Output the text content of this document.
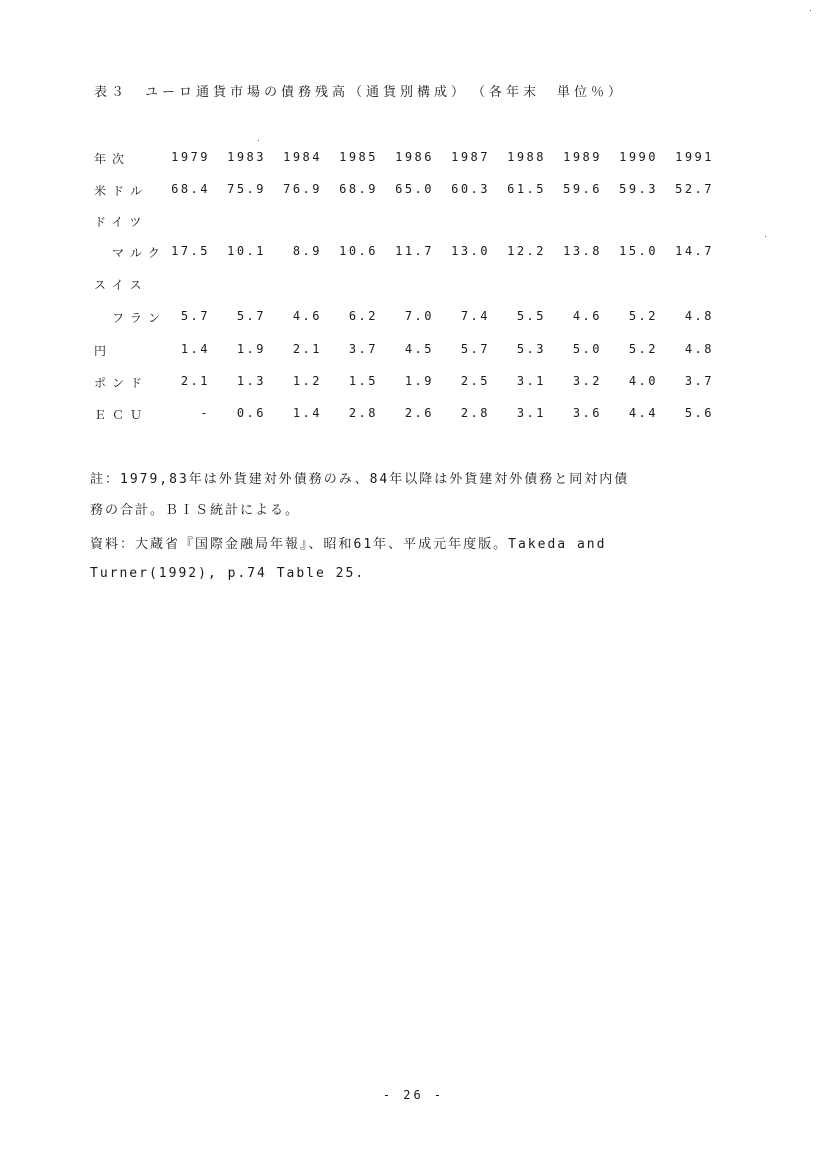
表３　ユーロ通貨市場の債務残高（通貨別構成）　（各年末　単位％）
年次	1979	1983	1984	1985	1986	1987	1988	1989	1990	1991
米ドル	68.4	75.9	76.9	68.9	65.0	60.3	61.5	59.6	59.3	52.7
ドイツ
　マルク 17.5	10.1	8.9	10.6	11.7	13.0	12.2	13.8	15.0	14.7
スイス
　フラン	5.7	5.7	4.6	6.2	7.0	7.4	5.5	4.6	5.2	4.8
円	1.4	1.9	2.1	3.7	4.5	5.7	5.3	5.0	5.2	4.8
ポンド	2.1	1.3	1.2	1.5	1.9	2.5	3.1	3.2	4.0	3.7
ＥＣＵ	-	0.6	1.4	2.8	2.6	2.8	3.1	3.6	4.4	5.6
註：1979,83年は外貨建対外債務のみ、84年以降は外貨建対外債務と同対内債
務の合計。ＢＩＳ統計による。
資料：大蔵省『国際金融局年報』、昭和61年、平成元年度版。Takeda and
Turner(1992), p.74 Table 25.
- 26 -
